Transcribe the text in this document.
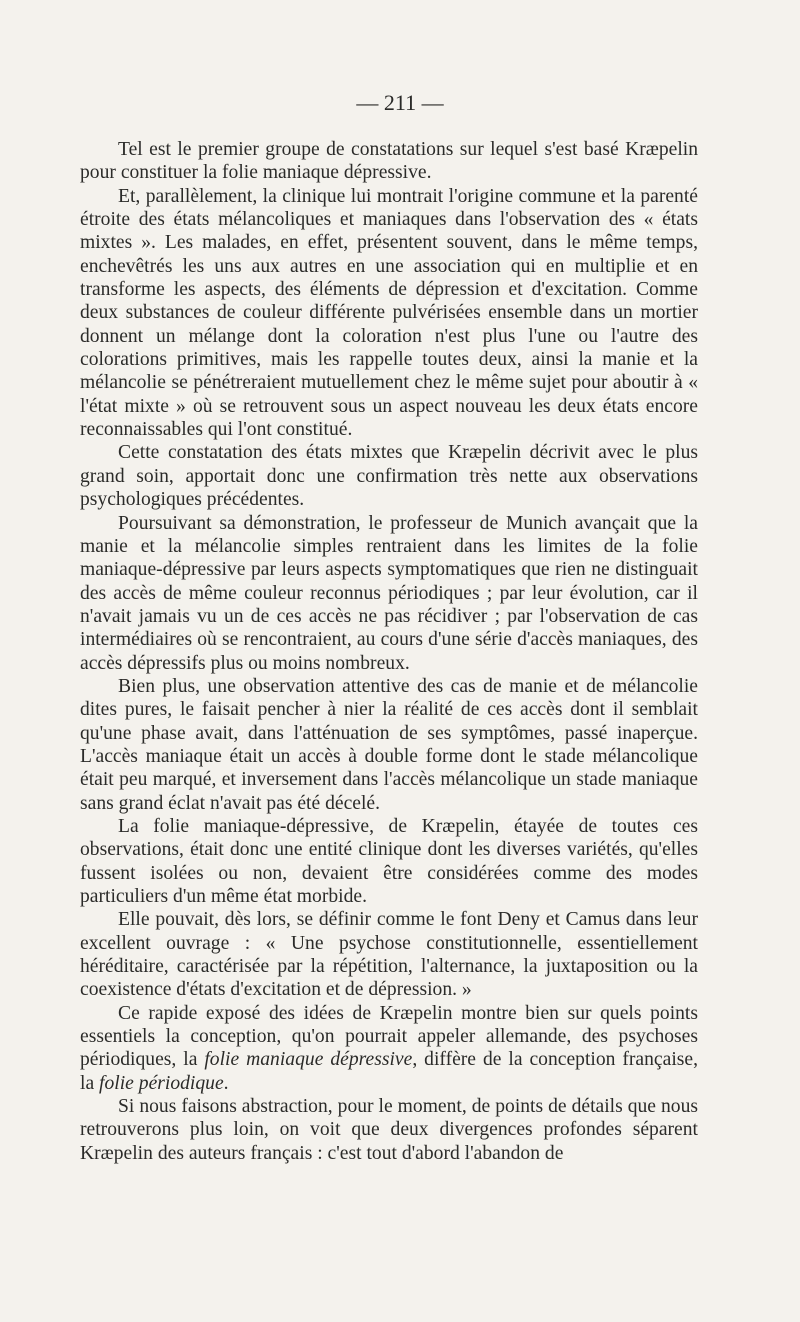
— 211 —

Tel est le premier groupe de constatations sur lequel s'est basé Kræpelin pour constituer la folie maniaque dépressive.

Et, parallèlement, la clinique lui montrait l'origine commune et la parenté étroite des états mélancoliques et maniaques dans l'observation des « états mixtes ». Les malades, en effet, présentent souvent, dans le même temps, enchevêtrés les uns aux autres en une association qui en multiplie et en transforme les aspects, des éléments de dépression et d'excitation. Comme deux substances de couleur différente pulvérisées ensemble dans un mortier donnent un mélange dont la coloration n'est plus l'une ou l'autre des colorations primitives, mais les rappelle toutes deux, ainsi la manie et la mélancolie se pénétreraient mutuellement chez le même sujet pour aboutir à « l'état mixte » où se retrouvent sous un aspect nouveau les deux états encore reconnaissables qui l'ont constitué.

Cette constatation des états mixtes que Kræpelin décrivit avec le plus grand soin, apportait donc une confirmation très nette aux observations psychologiques précédentes.

Poursuivant sa démonstration, le professeur de Munich avançait que la manie et la mélancolie simples rentraient dans les limites de la folie maniaque-dépressive par leurs aspects symptomatiques que rien ne distinguait des accès de même couleur reconnus périodiques ; par leur évolution, car il n'avait jamais vu un de ces accès ne pas récidiver ; par l'observation de cas intermédiaires où se rencontraient, au cours d'une série d'accès maniaques, des accès dépressifs plus ou moins nombreux.

Bien plus, une observation attentive des cas de manie et de mélancolie dites pures, le faisait pencher à nier la réalité de ces accès dont il semblait qu'une phase avait, dans l'atténuation de ses symptômes, passé inaperçue. L'accès maniaque était un accès à double forme dont le stade mélancolique était peu marqué, et inversement dans l'accès mélancolique un stade maniaque sans grand éclat n'avait pas été décelé.

La folie maniaque-dépressive, de Kræpelin, étayée de toutes ces observations, était donc une entité clinique dont les diverses variétés, qu'elles fussent isolées ou non, devaient être considérées comme des modes particuliers d'un même état morbide.

Elle pouvait, dès lors, se définir comme le font Deny et Camus dans leur excellent ouvrage : « Une psychose constitutionnelle, essentiellement héréditaire, caractérisée par la répétition, l'alternance, la juxtaposition ou la coexistence d'états d'excitation et de dépression. »

Ce rapide exposé des idées de Kræpelin montre bien sur quels points essentiels la conception, qu'on pourrait appeler allemande, des psychoses périodiques, la folie maniaque dépressive, diffère de la conception française, la folie périodique.

Si nous faisons abstraction, pour le moment, de points de détails que nous retrouverons plus loin, on voit que deux divergences profondes séparent Kræpelin des auteurs français : c'est tout d'abord l'abandon de
